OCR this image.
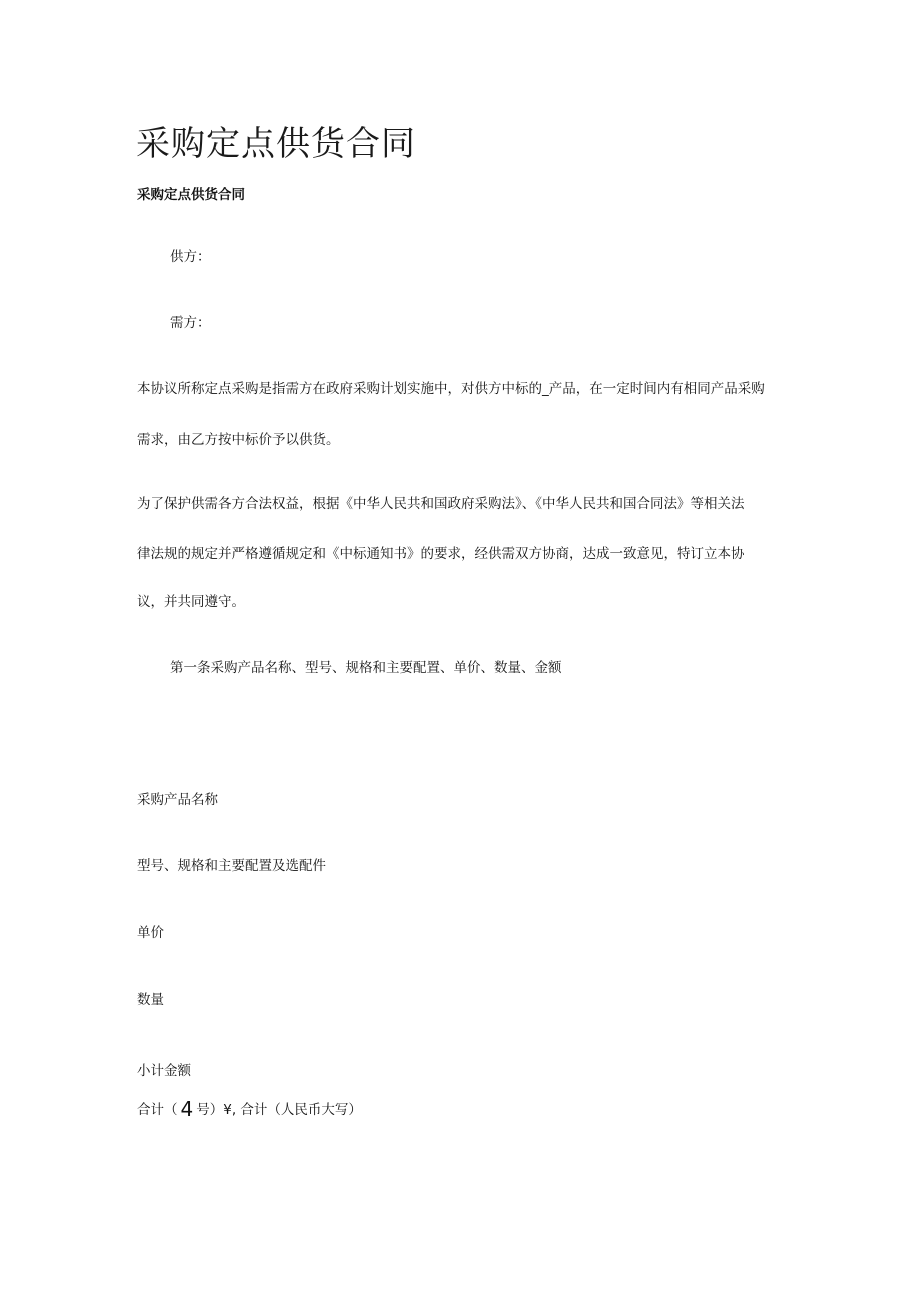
采购定点供货合同
采购定点供货合同
供方：
需方：
本协议所称定点采购是指需方在政府采购计划实施中，对供方中标的_产品，在一定时间内有相同产品采购
需求，由乙方按中标价予以供货。
为了保护供需各方合法权益，根据《中华人民共和国政府采购法》、《中华人民共和国合同法》等相关法
律法规的规定并严格遵循规定和《中标通知书》的要求，经供需双方协商，达成一致意见，特订立本协
议，并共同遵守。
第一条采购产品名称、型号、规格和主要配置、单价、数量、金额
采购产品名称
型号、规格和主要配置及选配件
单价
数量
小计金额
合计（ 4 号）¥, 合计（人民币大写）
